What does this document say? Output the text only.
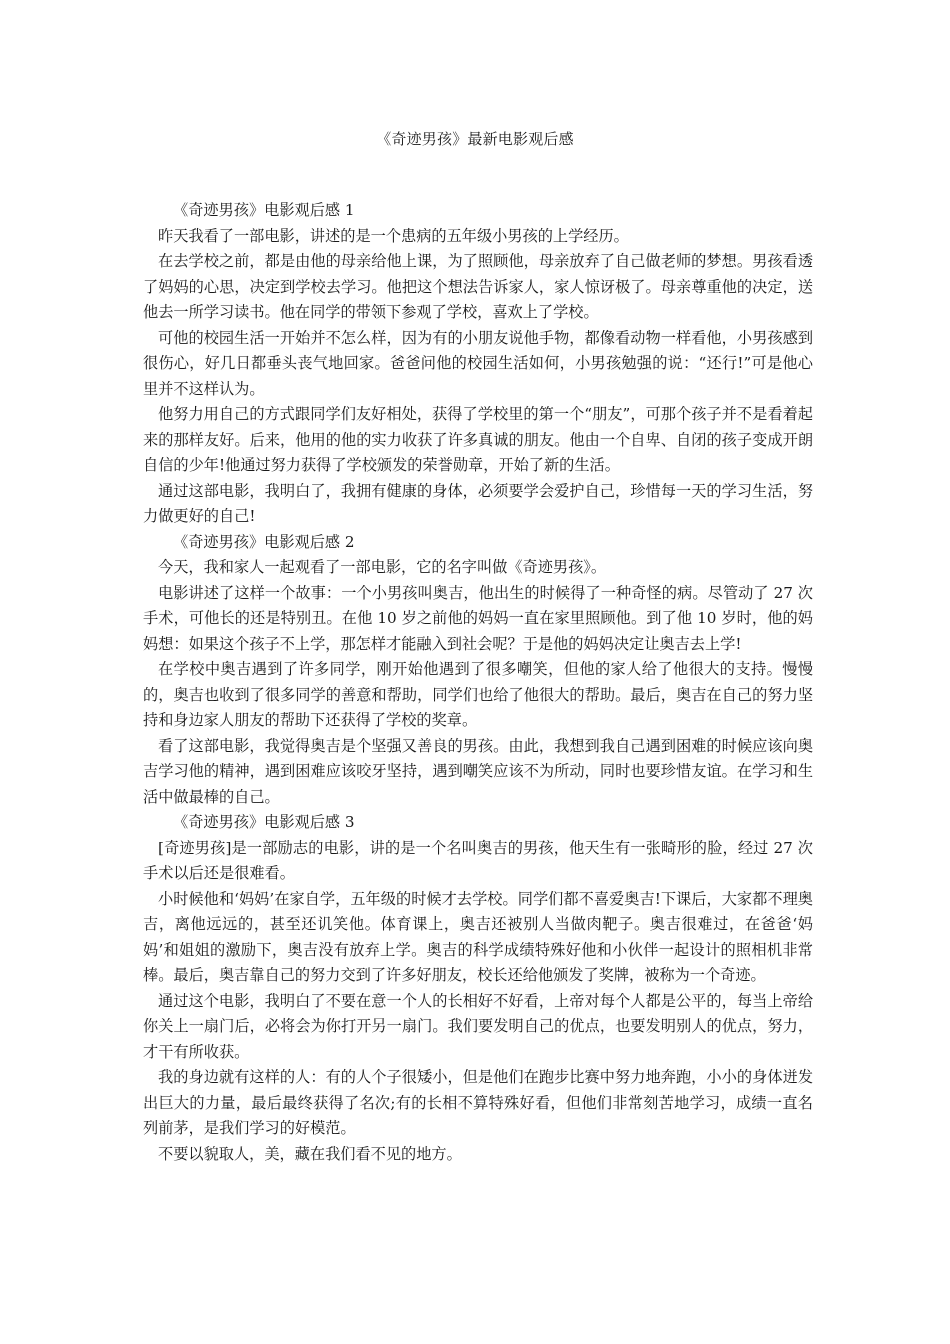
《奇迹男孩》最新电影观后感

《奇迹男孩》电影观后感 1

昨天我看了一部电影，讲述的是一个患病的五年级小男孩的上学经历。

在去学校之前，都是由他的母亲给他上课，为了照顾他，母亲放弃了自己做老师的梦想。男孩看透了妈妈的心思，决定到学校去学习。他把这个想法告诉家人，家人惊讶极了。母亲尊重他的决定，送他去一所学习读书。他在同学的带领下参观了学校，喜欢上了学校。

可他的校园生活一开始并不怎么样，因为有的小朋友说他手物，都像看动物一样看他，小男孩感到很伤心，好几日都垂头丧气地回家。爸爸问他的校园生活如何，小男孩勉强的说：“还行!”可是他心里并不这样认为。

他努力用自己的方式跟同学们友好相处，获得了学校里的第一个“朋友”，可那个孩子并不是看着起来的那样友好。后来，他用的他的实力收获了许多真诚的朋友。他由一个自卑、自闭的孩子变成开朗自信的少年!他通过努力获得了学校颁发的荣誉勋章，开始了新的生活。

通过这部电影，我明白了，我拥有健康的身体，必须要学会爱护自己，珍惜每一天的学习生活，努力做更好的自己!

《奇迹男孩》电影观后感 2

今天，我和家人一起观看了一部电影，它的名字叫做《奇迹男孩》。

电影讲述了这样一个故事：一个小男孩叫奥吉，他出生的时候得了一种奇怪的病。尽管动了 27 次手术，可他长的还是特别丑。在他 10 岁之前他的妈妈一直在家里照顾他。到了他 10 岁时，他的妈妈想：如果这个孩子不上学，那怎样才能融入到社会呢？于是他的妈妈决定让奥吉去上学!

在学校中奥吉遇到了许多同学，刚开始他遇到了很多嘲笑，但他的家人给了他很大的支持。慢慢的，奥吉也收到了很多同学的善意和帮助，同学们也给了他很大的帮助。最后，奥吉在自己的努力坚持和身边家人朋友的帮助下还获得了学校的奖章。

看了这部电影，我觉得奥吉是个坚强又善良的男孩。由此，我想到我自己遇到困难的时候应该向奥吉学习他的精神，遇到困难应该咬牙坚持，遇到嘲笑应该不为所动，同时也要珍惜友谊。在学习和生活中做最棒的自己。

《奇迹男孩》电影观后感 3

[奇迹男孩]是一部励志的电影，讲的是一个名叫奥吉的男孩，他天生有一张畸形的脸，经过 27 次手术以后还是很难看。

小时候他和‘妈妈’在家自学，五年级的时候才去学校。同学们都不喜爱奥吉!下课后，大家都不理奥吉，离他远远的，甚至还讥笑他。体育课上，奥吉还被别人当做肉靶子。奥吉很难过，在爸爸‘妈妈’和姐姐的激励下，奥吉没有放弃上学。奥吉的科学成绩特殊好他和小伙伴一起设计的照相机非常棒。最后，奥吉靠自己的努力交到了许多好朋友，校长还给他颁发了奖牌，被称为一个奇迹。

通过这个电影，我明白了不要在意一个人的长相好不好看，上帝对每个人都是公平的，每当上帝给你关上一扇门后，必将会为你打开另一扇门。我们要发明自己的优点，也要发明别人的优点，努力，才干有所收获。

我的身边就有这样的人：有的人个子很矮小，但是他们在跑步比赛中努力地奔跑，小小的身体迸发出巨大的力量，最后最终获得了名次;有的长相不算特殊好看，但他们非常刻苦地学习，成绩一直名列前茅，是我们学习的好模范。

不要以貌取人，美，藏在我们看不见的地方。
